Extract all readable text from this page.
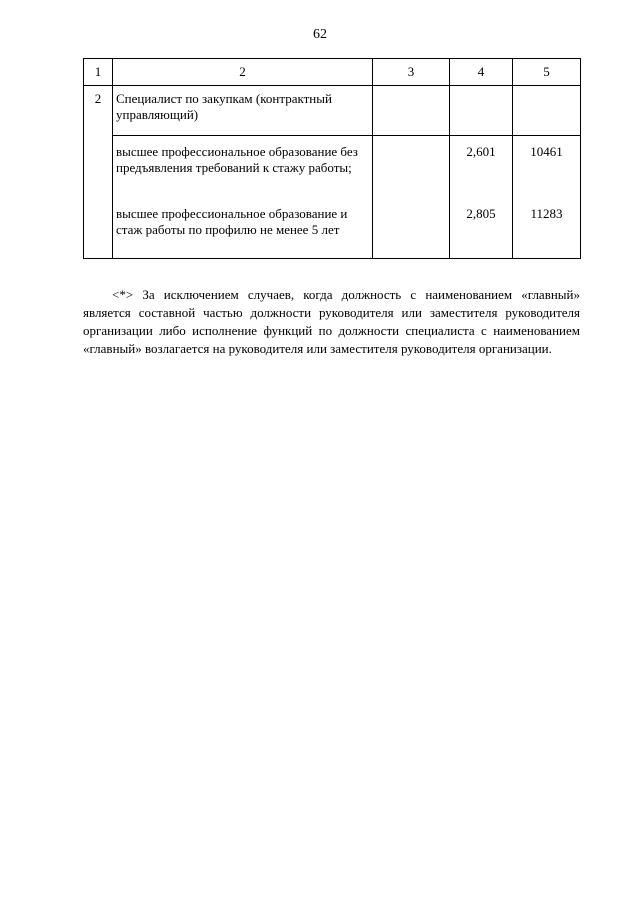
62
1	2	3	4	5
2	Специалист по закупкам (контрактный управляющий)			
	высшее профессиональное образование без предъявления требований к стажу работы;		2,601	10461
	высшее профессиональное образование и стаж работы по профилю не менее 5 лет		2,805	11283

<*> За исключением случаев, когда должность с наименованием «главный» является составной частью должности руководителя или заместителя руководителя организации либо исполнение функций по должности специалиста с наименованием «главный» возлагается на руководителя или заместителя руководителя организации.
